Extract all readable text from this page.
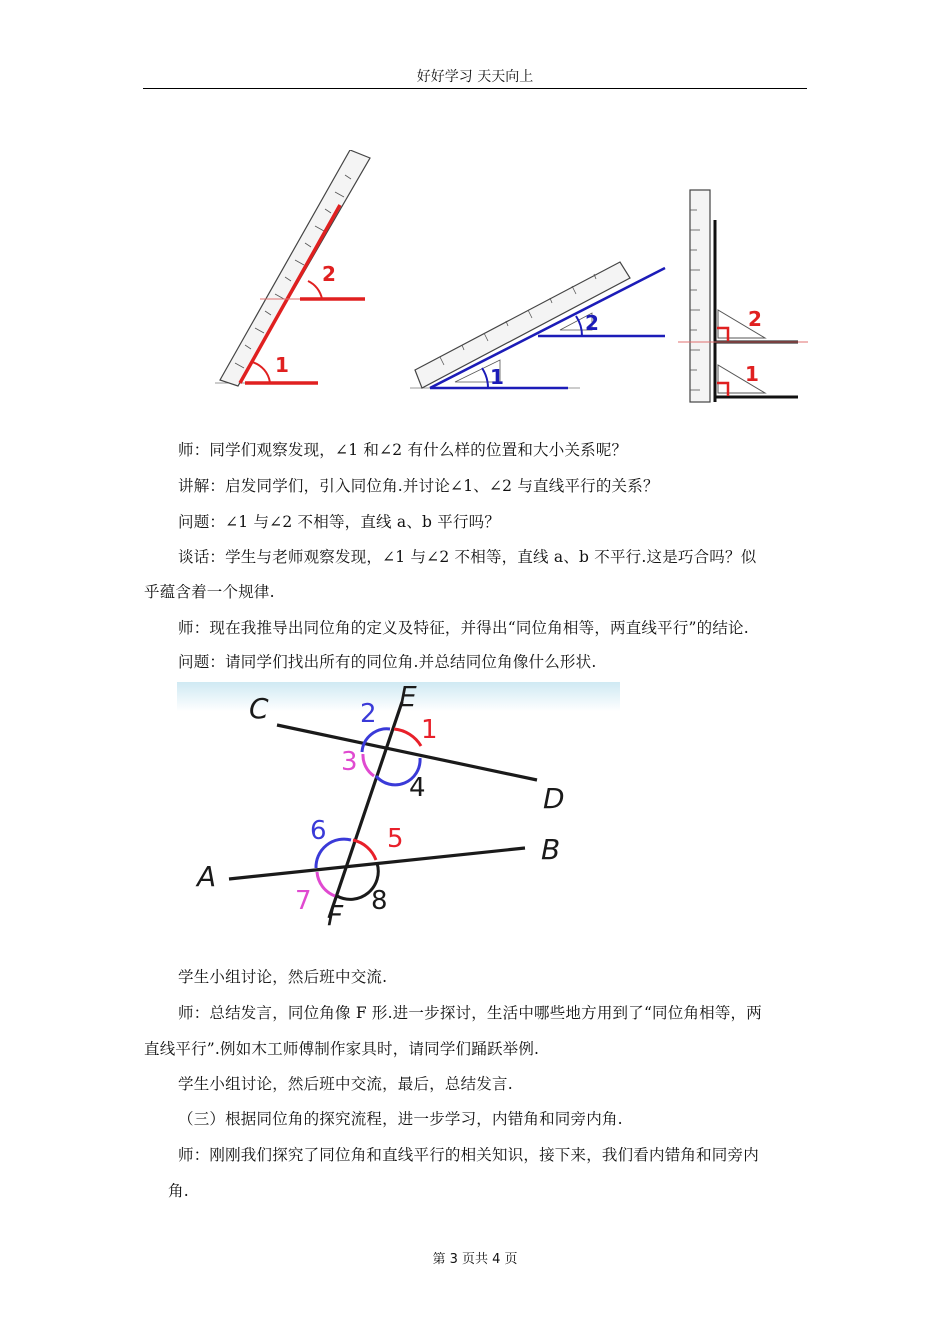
好好学习 天天向上
1
2
1
2	2
1
师：同学们观察发现，∠1 和∠2 有什么样的位置和大小关系呢？
讲解：启发同学们，引入同位角.并讨论∠1、∠2 与直线平行的关系？
问题：∠1 与∠2 不相等，直线 a、b 平行吗？
谈话：学生与老师观察发现，∠1 与∠2 不相等，直线 a、b 不平行.这是巧合吗？似
乎蕴含着一个规律.
师：现在我推导出同位角的定义及特征，并得出“同位角相等，两直线平行”的结论.
问题：请同学们找出所有的同位角.并总结同位角像什么形状.
C	E
D
A
B
F
1
2
3
4
5
6
7 8
学生小组讨论，然后班中交流.
师：总结发言，同位角像 F 形.进一步探讨，生活中哪些地方用到了“同位角相等，两
直线平行”.例如木工师傅制作家具时，请同学们踊跃举例.
学生小组讨论，然后班中交流，最后，总结发言.
（三）根据同位角的探究流程，进一步学习，内错角和同旁内角.
师：刚刚我们探究了同位角和直线平行的相关知识，接下来，我们看内错角和同旁内
角.
第 3 页共 4 页
